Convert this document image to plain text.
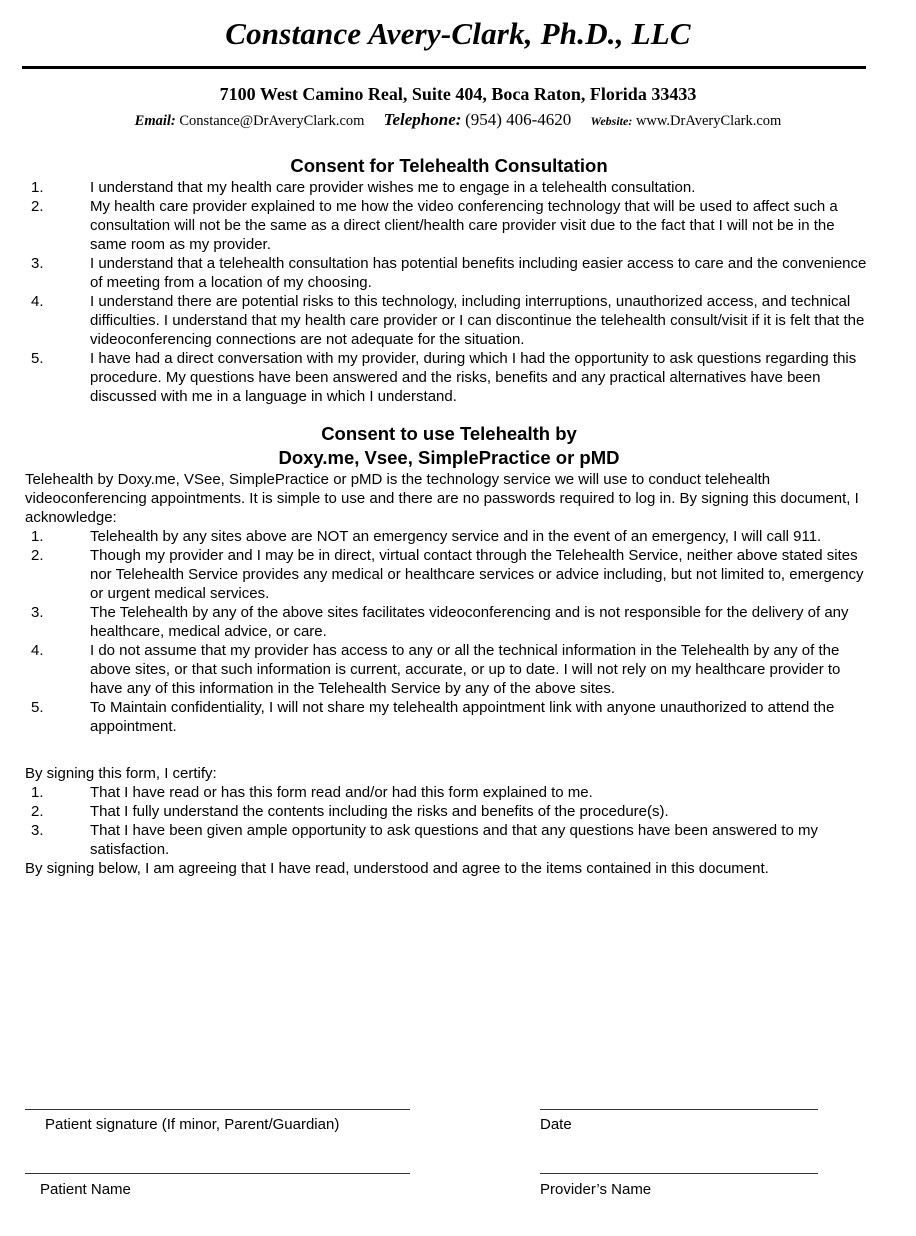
Constance Avery-Clark, Ph.D., LLC
7100 West Camino Real, Suite 404, Boca Raton, Florida 33433
Email: Constance@DrAveryClark.com Telephone: (954) 406-4620 Website: www.DrAveryClark.com
Consent for Telehealth Consultation
1.	I understand that my health care provider wishes me to engage in a telehealth consultation.
2.	My health care provider explained to me how the video conferencing technology that will be used to affect such a consultation will not be the same as a direct client/health care provider visit due to the fact that I will not be in the same room as my provider.
3.	I understand that a telehealth consultation has potential benefits including easier access to care and the convenience of meeting from a location of my choosing.
4.	I understand there are potential risks to this technology, including interruptions, unauthorized access, and technical difficulties. I understand that my health care provider or I can discontinue the telehealth consult/visit if it is felt that the videoconferencing connections are not adequate for the situation.
5.	I have had a direct conversation with my provider, during which I had the opportunity to ask questions regarding this procedure. My questions have been answered and the risks, benefits and any practical alternatives have been discussed with me in a language in which I understand.
Consent to use Telehealth by
Doxy.me, Vsee, SimplePractice or pMD

Telehealth by Doxy.me, VSee, SimplePractice or pMD is the technology service we will use to conduct telehealth videoconferencing appointments. It is simple to use and there are no passwords required to log in. By signing this document, I acknowledge:

1.	Telehealth by any sites above are NOT an emergency service and in the event of an emergency, I will call 911.
2.	Though my provider and I may be in direct, virtual contact through the Telehealth Service, neither above stated sites nor Telehealth Service provides any medical or healthcare services or advice including, but not limited to, emergency or urgent medical services.
3.	The Telehealth by any of the above sites facilitates videoconferencing and is not responsible for the delivery of any healthcare, medical advice, or care.
4.	I do not assume that my provider has access to any or all the technical information in the Telehealth by any of the above sites, or that such information is current, accurate, or up to date. I will not rely on my healthcare provider to have any of this information in the Telehealth Service by any of the above sites.
5.	To Maintain confidentiality, I will not share my telehealth appointment link with anyone unauthorized to attend the appointment.

By signing this form, I certify:

1.	That I have read or has this form read and/or had this form explained to me.
2.	That I fully understand the contents including the risks and benefits of the procedure(s).
3.	That I have been given ample opportunity to ask questions and that any questions have been answered to my satisfaction.

By signing below, I am agreeing that I have read, understood and agree to the items contained in this document.

Patient signature (If minor, Parent/Guardian)	Date
Patient Name	Provider’s Name
